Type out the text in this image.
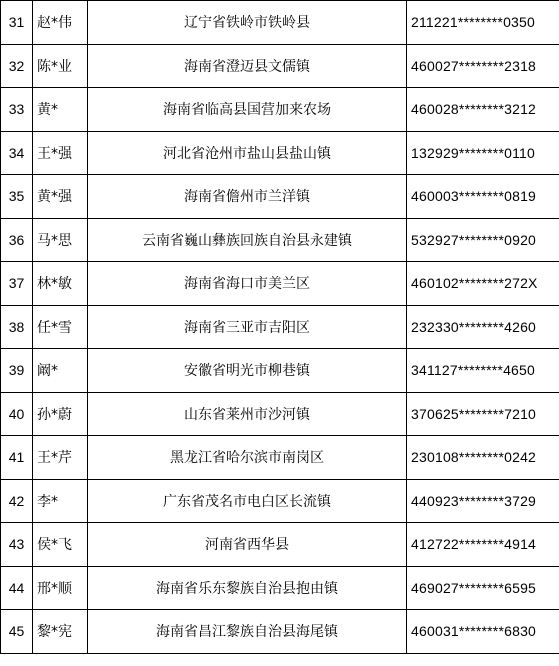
31	赵*伟	辽宁省铁岭市铁岭县	211221********0350
32	陈*业	海南省澄迈县文儒镇	460027********2318
33	黄*	海南省临高县国营加来农场	460028********3212
34	王*强	河北省沧州市盐山县盐山镇	132929********0110
35	黄*强	海南省儋州市兰洋镇	460003********0819
36	马*思	云南省巍山彝族回族自治县永建镇	532927********0920
37	林*敏	海南省海口市美兰区	460102********272X
38	任*雪	海南省三亚市吉阳区	232330********4260
39	阚*	安徽省明光市柳巷镇	341127********4650
40	孙*蔚	山东省莱州市沙河镇	370625********7210
41	王*芹	黑龙江省哈尔滨市南岗区	230108********0242
42	李*	广东省茂名市电白区长流镇	440923********3729
43	侯*飞	河南省西华县	412722********4914
44	邢*顺	海南省乐东黎族自治县抱由镇	469027********6595
45	黎*宪	海南省昌江黎族自治县海尾镇	460031********6830
